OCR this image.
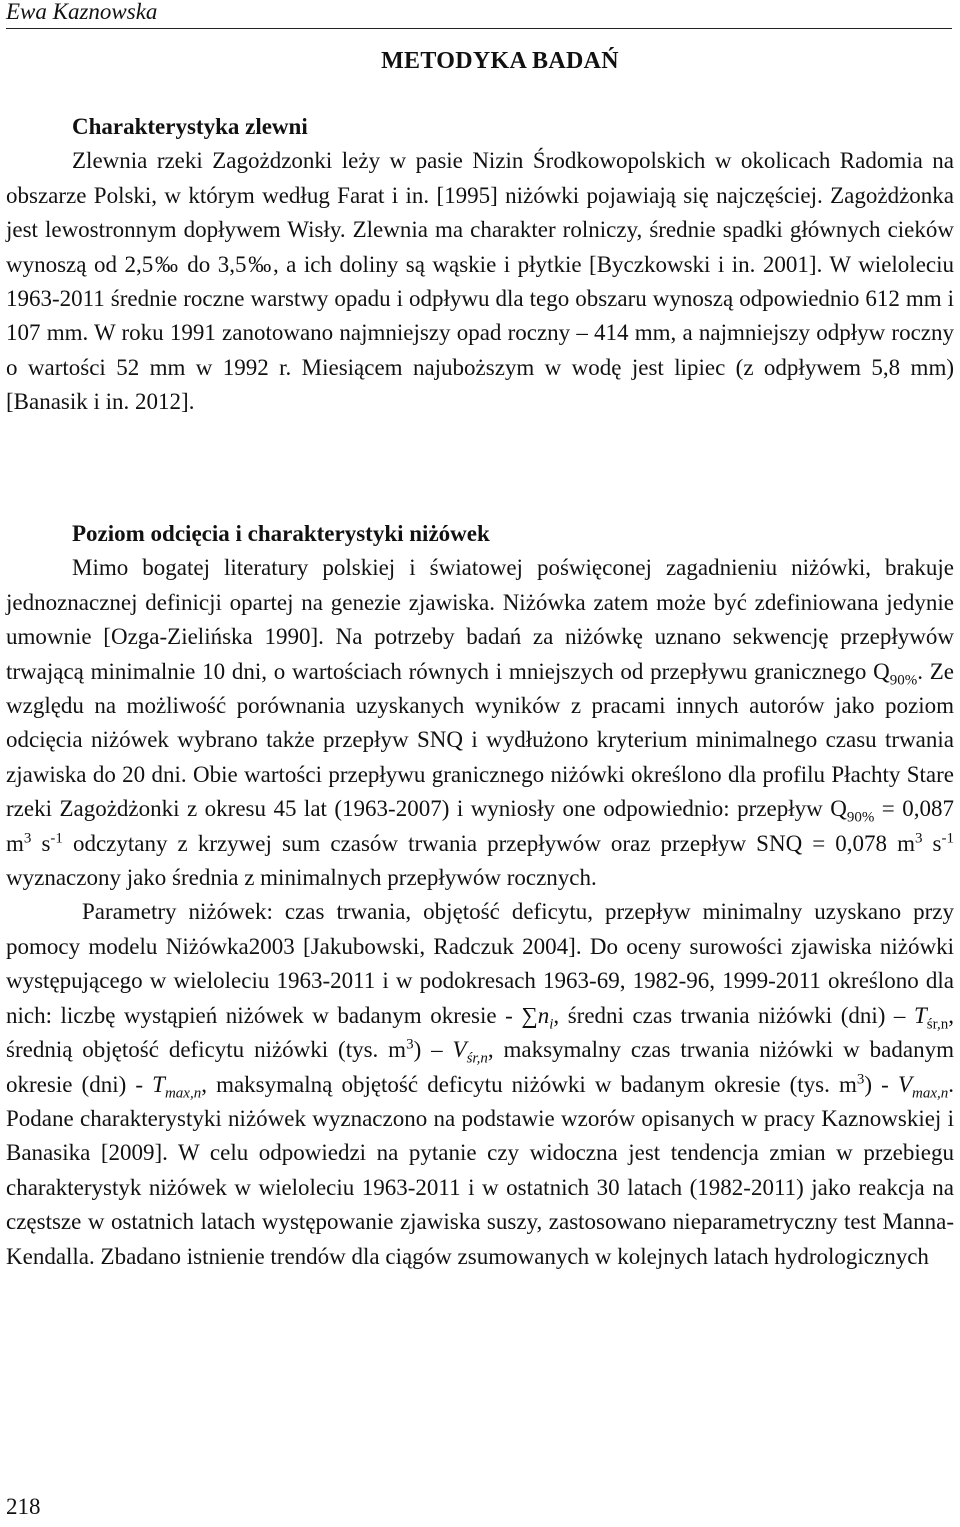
Ewa Kaznowska
METODYKA BADAŃ
Charakterystyka zlewni

Zlewnia rzeki Zagożdzonki leży w pasie Nizin Środkowopolskich w okolicach Radomia na obszarze Polski, w którym według Farat i in. [1995] niżówki pojawiają się najczęściej. Zagożdżonka jest lewostronnym dopływem Wisły. Zlewnia ma charakter rolniczy, średnie spadki głównych cieków wynoszą od 2,5‰ do 3,5‰, a ich doliny są wąskie i płytkie [Byczkowski i in. 2001]. W wieloleciu 1963-2011 średnie roczne warstwy opadu i odpływu dla tego obszaru wynoszą odpowiednio 612 mm i 107 mm. W roku 1991 zanotowano najmniejszy opad roczny – 414 mm, a najmniejszy odpływ roczny o wartości 52 mm w 1992 r. Miesiącem najuboższym w wodę jest lipiec (z odpływem 5,8 mm) [Banasik i in. 2012].

Poziom odcięcia i charakterystyki niżówek

Mimo bogatej literatury polskiej i światowej poświęconej zagadnieniu niżówki, brakuje jednoznacznej definicji opartej na genezie zjawiska. Niżówka zatem może być zdefiniowana jedynie umownie [Ozga-Zielińska 1990]. Na potrzeby badań za niżówkę uznano sekwencję przepływów trwającą minimalnie 10 dni, o wartościach równych i mniejszych od przepływu granicznego $Q_{90\%}$. Ze względu na możliwość porównania uzyskanych wyników z pracami innych autorów jako poziom odcięcia niżówek wybrano także przepływ SNQ i wydłużono kryterium minimalnego czasu trwania zjawiska do 20 dni. Obie wartości przepływu granicznego niżówki określono dla profilu Płachty Stare rzeki Zagożdżonki z okresu 45 lat (1963-2007) i wyniosły one odpowiednio: przepływ $Q_{90\%} = 0,087$ $m^3$ $s^{-1}$ odczytany z krzywej sum czasów trwania przepływów oraz przepływ SNQ = 0,078 $m^3$ $s^{-1}$ wyznaczony jako średnia z minimalnych przepływów rocznych.

Parametry niżówek: czas trwania, objętość deficytu, przepływ minimalny uzyskano przy pomocy modelu Niżówka2003 [Jakubowski, Radczuk 2004]. Do oceny surowości zjawiska niżówki występującego w wieloleciu 1963-2011 i w podokresach 1963-69, 1982-96, 1999-2011 określono dla nich: liczbę wystąpień niżówek w badanym okresie - $\sum n_i$, średni czas trwania niżówki $(dni) - T_{śr,n}$, średnią objętość deficytu niżówki (tys. $m^3) - V_{śr,n}$, maksymalny czas trwania niżówki w badanym okresie $(dni) - T_{max,n}$, maksymalną objętość deficytu niżówki w badanym okresie (tys. $m^3) - V_{max,n}$. Podane charakterystyki niżówek wyznaczono na podstawie wzorów opisanych w pracy Kaznowskiej i Banasika [2009]. W celu odpowiedzi na pytanie czy widoczna jest tendencja zmian w przebiegu charakterystyk niżówek w wieloleciu 1963-2011 i w ostatnich 30 latach (1982-2011) jako reakcja na częstsze w ostatnich latach występowanie zjawiska suszy, zastosowano nieparametryczny test Manna-Kendalla. Zbadano istnienie trendów dla ciągów zsumowanych w kolejnych latach hydrologicznych

218
